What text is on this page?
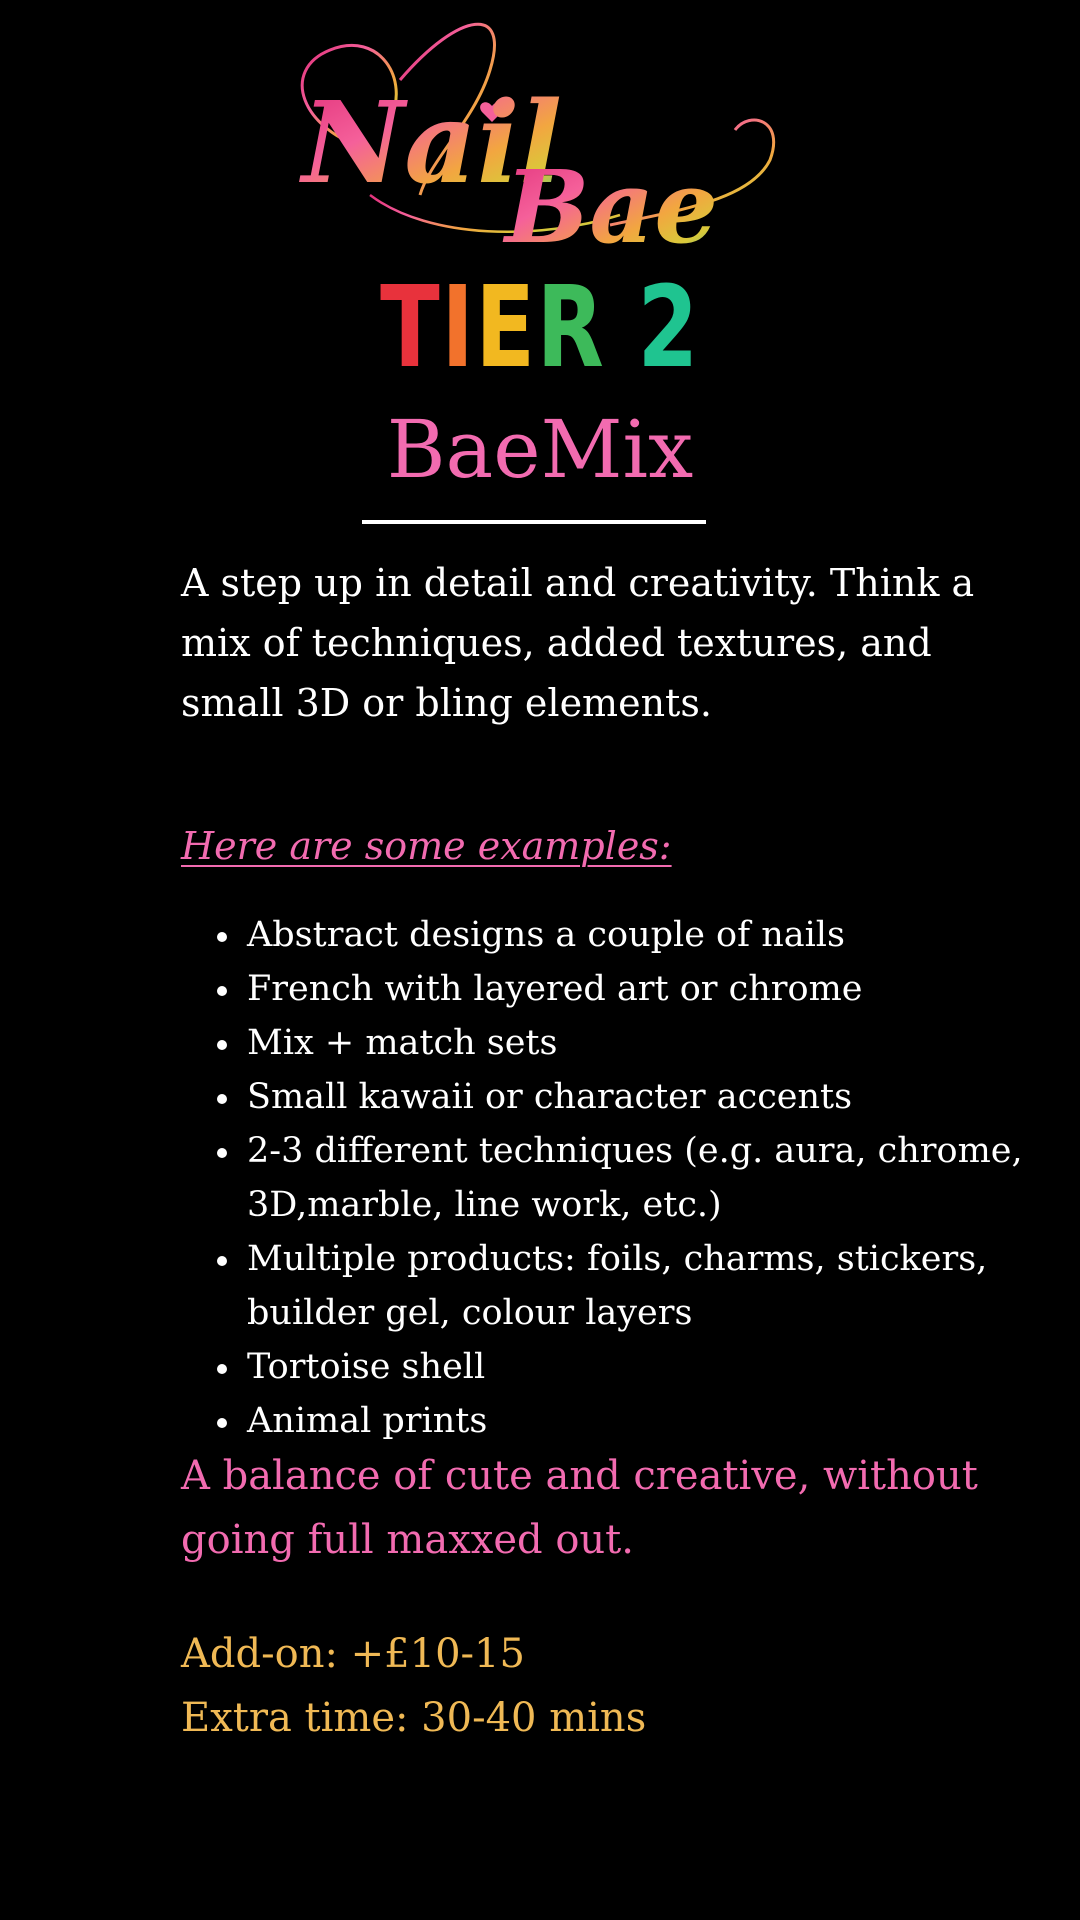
Nail
Bae
TIER 2
BaeMix

A step up in detail and creativity. Think a mix of techniques, added textures, and small 3D or bling elements.

Here are some examples:

Abstract designs a couple of nails
French with layered art or chrome
Mix + match sets
Small kawaii or character accents
2-3 different techniques (e.g. aura, chrome, 3D,marble, line work, etc.)
Multiple products: foils, charms, stickers, builder gel, colour layers
Tortoise shell
Animal prints

A balance of cute and creative, without going full maxxed out.

Add-on: +£10-15
Extra time: 30-40 mins
